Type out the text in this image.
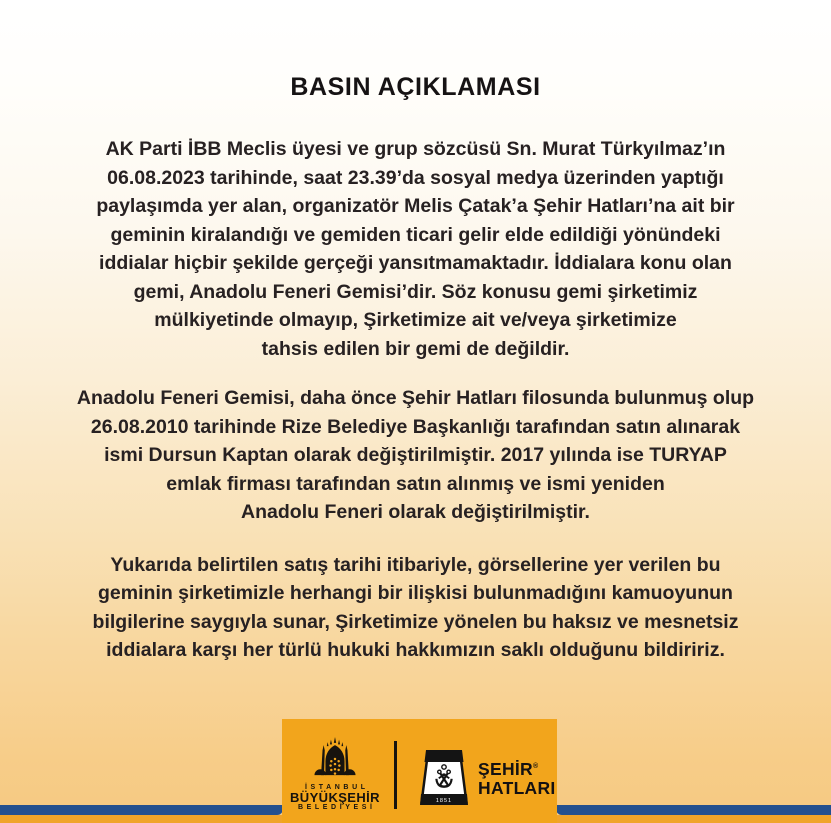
BASIN AÇIKLAMASI

AK Parti İBB Meclis üyesi ve grup sözcüsü Sn. Murat Türkyılmaz’ın
06.08.2023 tarihinde, saat 23.39’da sosyal medya üzerinden yaptığı
paylaşımda yer alan, organizatör Melis Çatak’a Şehir Hatları’na ait bir
geminin kiralandığı ve gemiden ticari gelir elde edildiği yönündeki
iddialar hiçbir şekilde gerçeği yansıtmamaktadır. İddialara konu olan
gemi, Anadolu Feneri Gemisi’dir. Söz konusu gemi şirketimiz
mülkiyetinde olmayıp, Şirketimize ait ve/veya şirketimize
tahsis edilen bir gemi de değildir.

Anadolu Feneri Gemisi, daha önce Şehir Hatları filosunda bulunmuş olup
26.08.2010 tarihinde Rize Belediye Başkanlığı tarafından satın alınarak
ismi Dursun Kaptan olarak değiştirilmiştir. 2017 yılında ise TURYAP
emlak firması tarafından satın alınmış ve ismi yeniden
Anadolu Feneri olarak değiştirilmiştir.

Yukarıda belirtilen satış tarihi itibariyle, görsellerine yer verilen bu
geminin şirketimizle herhangi bir ilişkisi bulunmadığını kamuoyunun
bilgilerine saygıyla sunar, Şirketimize yönelen bu haksız ve mesnetsiz
iddialara karşı her türlü hukuki hakkımızın saklı olduğunu bildiririz.

İSTANBUL
BÜYÜKŞEHİR
BELEDİYESİ
1851
ŞEHİR®
HATLARI
